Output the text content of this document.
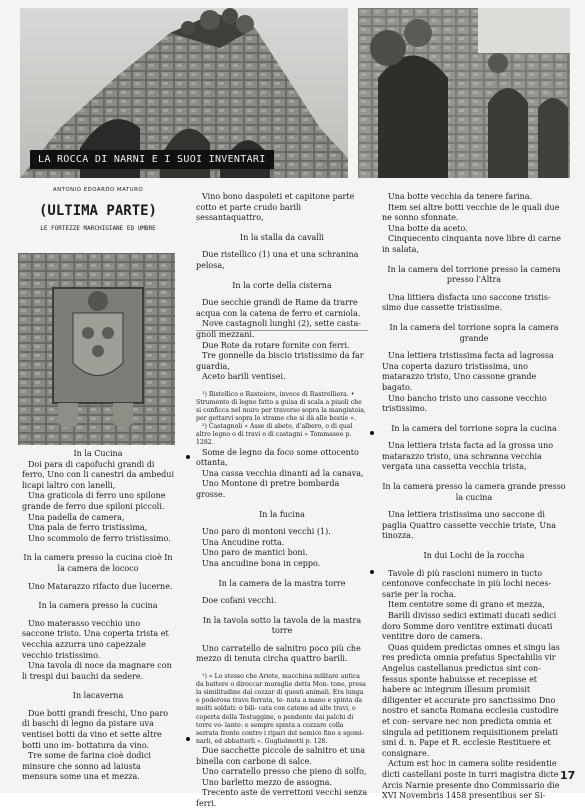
LA ROCCA DI NARNI E I SUOI INVENTARI
ANTONIO EDOARDO MATURO
(ULTIMA PARTE)
LE FORTEZZE MARCHIGIANE ED UMBRE
In la Cucina

Doi para di capofuchi grandi di ferro, Uno con li canestri da ambedui licapi laltro con lanelli,

Una graticola di ferro uno spilone grande de ferro due spiloni piccoli.

Una padella de camera,

Una pala de ferro tristissima,

Uno scommolo de ferro tristissimo.

In la camera presso la cucina cioè In la camera de lococo

Uno Matarazzo rifacto due lucerne.

In la camera presso la cucina

Uno materasso vecchio uno saccone tristo. Una coperta trista et vecchia azzurra uno capezzale vecchio tristissimo.

Una tavola di noce da magnare con li trespi dui bauchi da sedere.

In lacaverna

Due botti grandi freschi, Uno paro di baschi di legno da pistare uva ventisei botti da vino et sette altre botti uno im- bottatura da vino.

Tre some de farina cioè dodici minsure che sonno ad laiusta mensura some una et mezza.

Vino bono daspoleti et capitone parte cotto et parte crudo barili sessantaquattro,

In la stalla da cavalli

Due ristellico (1) una et una schranina pelosa,

In la corte della cisterna

Due secchie grandi de Rame da trarre acqua con la catena de ferro et carniola.

Nove castagnoli lunghi (2), sette casta- gnoli mezzani.

Due Rote da rotare fornite con ferri.

Tre gonnelle da biscio tristissimo da far guardia,

Aceto barili ventisei.

¹) Ristellico o Rasteiere, invece di Rastrelliera. • Strumento di legno fatto a guisa di scala a piuoli che si conficca nel muro per traverso sopra la mangiatoia, per gettarvi sopra lo strame che si dà alle bestie ».

²) Castagnoli « Asse di abeto, d'albero, o di qual altro legno o di travi o di castagni » Tommaseo p. 1282.

Some de legno da foco some ottocento ottanta,

Una cassa vecchia dinanti ad la canava,

Uno Montone di pretre bombarda grosse.

In la fucina

Uno paro di montoni vecchi (1).

Una Ancudine rotta.

Uno paro de mantici boni.

Una ancudine bona in ceppo.

In la camera de la mastra torre

Doe cofani vecchi.

In la tavola sotto la tavola de la mastra torre

Uno carratello de salnitro poco più che mezzo di tenuta circha quattro barili.

¹) « Lo stesso che Ariete, macchina militare antica da battere o diroccar muraglie detta Mon- tone, presa la similitudine dal cozzar di questi animali. Era lunga e poderosa trave ferrata, te- nuta a mano e spinta da molti soldati: o bili- cata con catene ad alte travi, o coperta della Testuggine, o pendente dai palchi di torre vo- lante: e sempre spinta a cozzare colla serrata fronte contro i ripari del nemico fino a sgomi- narli, ed abbatterli ». Guglielmotti p. 128.

Due sacchette piccole de salnitro et una binella con carbone di salce.

Uno carratello presso che pieno di solfo,

Uno barletto mezzo de assogna.

Trecento aste de verrettoni vecchi senza ferri.

Una botte vecchia da tenere farina.

Item sei altre botti vecchie de le quali due ne sonno sfonnate.

Una botte da aceto.

Cinquecento cinquanta nove libre di carne in salata,

In la camera del torrione presso la camera presso l'Altra

Una littiera disfacta uno saccone tristis- simo due cassette tristissime.

In la camera del torrione sopra la camera grande

Una lettiera tristissima facta ad lagrossa Una coperta dazuro tristissima, uno matarazzo tristo, Uno cassone grande bagato.

Uno bancho tristo uno cassone vecchio tristissimo.

In la camera del torrione sopra la cucina

Una lettiera trista facta ad la grossa uno matarazzo tristo, una schranna vecchia vergata una cassetta vecchia trista,

In la camera presso la camera grande presso la cucina

Una lettiera tristissima uno saccone di paglia Quattro cassette vecchie triste, Una tinozza.

In dui Lochi de la roccha

Tavole di più rascioni numero in tucto centonove confecchate in più lochi neces- sarie per la rocha.

Item centotre some di grano et mezza,

Barili divisso sedici extimati ducati sedici doro Somme doro ventitre extimati ducati ventitre doro de camera.

Quas quidem predictas omnes et singu las res predicta omnia prefatus Spectabilis vir Angelus castellanus predictus sint con- fessus sponte habuisse et recepisse et habere ac integrum illesum promisit diligenter et accurate pro sanctissimo Dno nostro et sancta Romana ecclesia custodire et con- servare nec non predicta omnia et singula ad petitionem requisitionem prelati smi d. n. Pape et R. ecclesie Restituere et consignare.

Actum est hoc in camera solite residentie dicti castellani poste in turri magistra dicte Arcis Narnie presente dno Commissario die XVI Novembris 1458 presentibus ser Si-

17
